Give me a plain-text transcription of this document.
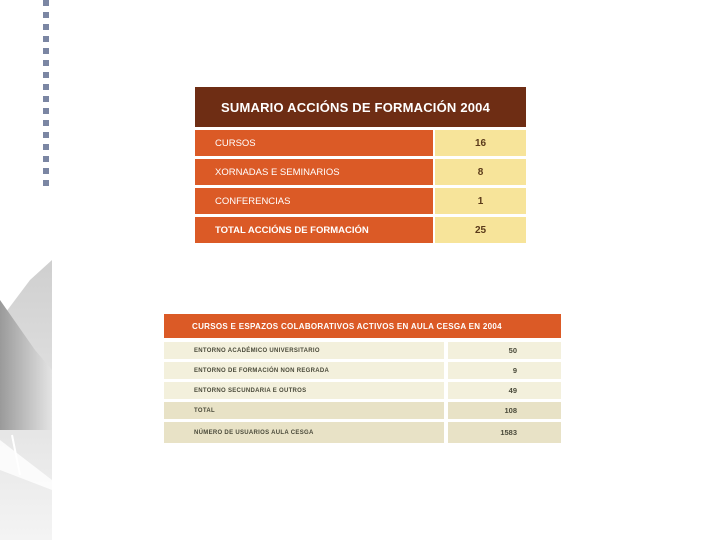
SUMARIO ACCIÓNS DE FORMACIÓN 2004
CURSOS	16
XORNADAS E SEMINARIOS	8
CONFERENCIAS	1
TOTAL ACCIÓNS DE FORMACIÓN	25
CURSOS E ESPAZOS COLABORATIVOS ACTIVOS EN AULA CESGA EN 2004
ENTORNO ACADÉMICO UNIVERSITARIO	50
ENTORNO DE FORMACIÓN NON REGRADA	9
ENTORNO SECUNDARIA E OUTROS	49
TOTAL	108
NÚMERO DE USUARIOS AULA CESGA	1583
